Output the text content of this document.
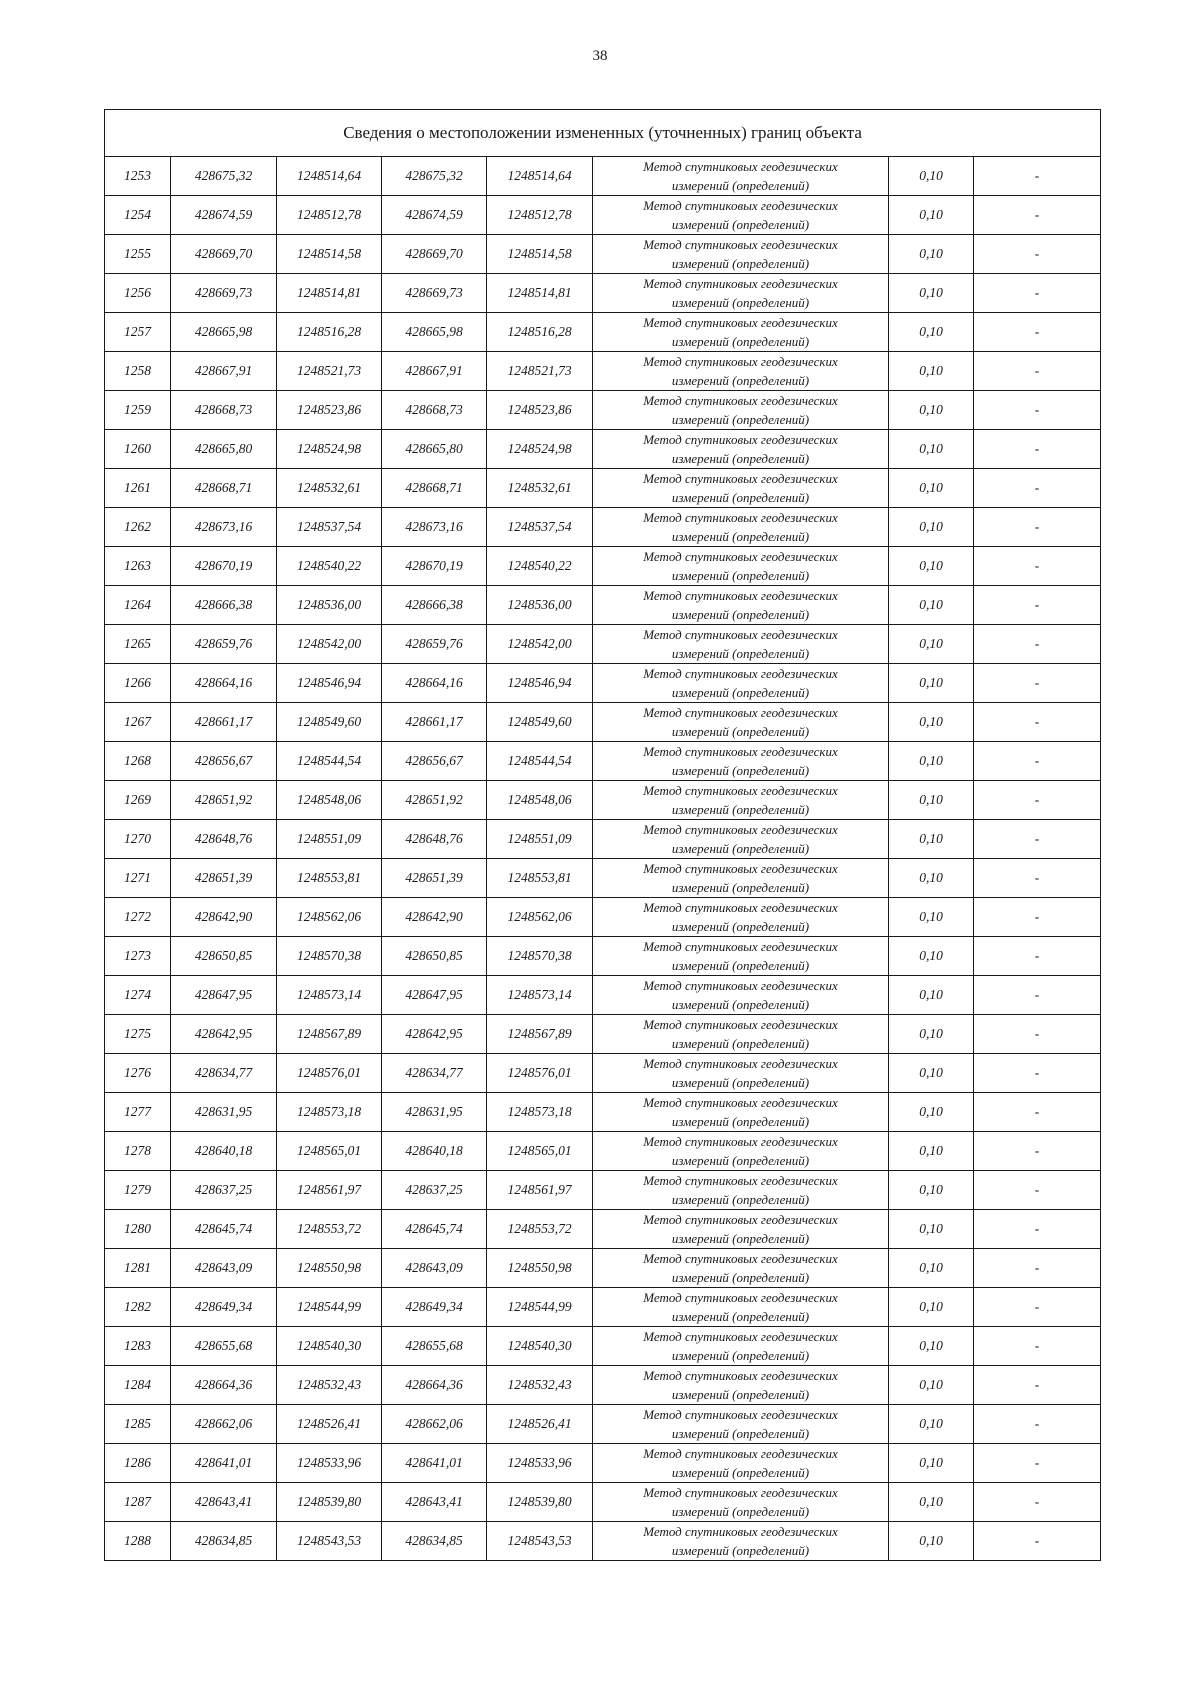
38
Сведения о местоположении измененных (уточненных) границ объекта							
1253	428675,32	1248514,64	428675,32	1248514,64	Метод спутниковых геодезических
измерений (определений)	0,10	-
1254	428674,59	1248512,78	428674,59	1248512,78	Метод спутниковых геодезических
измерений (определений)	0,10	-
1255	428669,70	1248514,58	428669,70	1248514,58	Метод спутниковых геодезических
измерений (определений)	0,10	-
1256	428669,73	1248514,81	428669,73	1248514,81	Метод спутниковых геодезических
измерений (определений)	0,10	-
1257	428665,98	1248516,28	428665,98	1248516,28	Метод спутниковых геодезических
измерений (определений)	0,10	-
1258	428667,91	1248521,73	428667,91	1248521,73	Метод спутниковых геодезических
измерений (определений)	0,10	-
1259	428668,73	1248523,86	428668,73	1248523,86	Метод спутниковых геодезических
измерений (определений)	0,10	-
1260	428665,80	1248524,98	428665,80	1248524,98	Метод спутниковых геодезических
измерений (определений)	0,10	-
1261	428668,71	1248532,61	428668,71	1248532,61	Метод спутниковых геодезических
измерений (определений)	0,10	-
1262	428673,16	1248537,54	428673,16	1248537,54	Метод спутниковых геодезических
измерений (определений)	0,10	-
1263	428670,19	1248540,22	428670,19	1248540,22	Метод спутниковых геодезических
измерений (определений)	0,10	-
1264	428666,38	1248536,00	428666,38	1248536,00	Метод спутниковых геодезических
измерений (определений)	0,10	-
1265	428659,76	1248542,00	428659,76	1248542,00	Метод спутниковых геодезических
измерений (определений)	0,10	-
1266	428664,16	1248546,94	428664,16	1248546,94	Метод спутниковых геодезических
измерений (определений)	0,10	-
1267	428661,17	1248549,60	428661,17	1248549,60	Метод спутниковых геодезических
измерений (определений)	0,10	-
1268	428656,67	1248544,54	428656,67	1248544,54	Метод спутниковых геодезических
измерений (определений)	0,10	-
1269	428651,92	1248548,06	428651,92	1248548,06	Метод спутниковых геодезических
измерений (определений)	0,10	-
1270	428648,76	1248551,09	428648,76	1248551,09	Метод спутниковых геодезических
измерений (определений)	0,10	-
1271	428651,39	1248553,81	428651,39	1248553,81	Метод спутниковых геодезических
измерений (определений)	0,10	-
1272	428642,90	1248562,06	428642,90	1248562,06	Метод спутниковых геодезических
измерений (определений)	0,10	-
1273	428650,85	1248570,38	428650,85	1248570,38	Метод спутниковых геодезических
измерений (определений)	0,10	-
1274	428647,95	1248573,14	428647,95	1248573,14	Метод спутниковых геодезических
измерений (определений)	0,10	-
1275	428642,95	1248567,89	428642,95	1248567,89	Метод спутниковых геодезических
измерений (определений)	0,10	-
1276	428634,77	1248576,01	428634,77	1248576,01	Метод спутниковых геодезических
измерений (определений)	0,10	-
1277	428631,95	1248573,18	428631,95	1248573,18	Метод спутниковых геодезических
измерений (определений)	0,10	-
1278	428640,18	1248565,01	428640,18	1248565,01	Метод спутниковых геодезических
измерений (определений)	0,10	-
1279	428637,25	1248561,97	428637,25	1248561,97	Метод спутниковых геодезических
измерений (определений)	0,10	-
1280	428645,74	1248553,72	428645,74	1248553,72	Метод спутниковых геодезических
измерений (определений)	0,10	-
1281	428643,09	1248550,98	428643,09	1248550,98	Метод спутниковых геодезических
измерений (определений)	0,10	-
1282	428649,34	1248544,99	428649,34	1248544,99	Метод спутниковых геодезических
измерений (определений)	0,10	-
1283	428655,68	1248540,30	428655,68	1248540,30	Метод спутниковых геодезических
измерений (определений)	0,10	-
1284	428664,36	1248532,43	428664,36	1248532,43	Метод спутниковых геодезических
измерений (определений)	0,10	-
1285	428662,06	1248526,41	428662,06	1248526,41	Метод спутниковых геодезических
измерений (определений)	0,10	-
1286	428641,01	1248533,96	428641,01	1248533,96	Метод спутниковых геодезических
измерений (определений)	0,10	-
1287	428643,41	1248539,80	428643,41	1248539,80	Метод спутниковых геодезических
измерений (определений)	0,10	-
1288	428634,85	1248543,53	428634,85	1248543,53	Метод спутниковых геодезических
измерений (определений)	0,10	-
